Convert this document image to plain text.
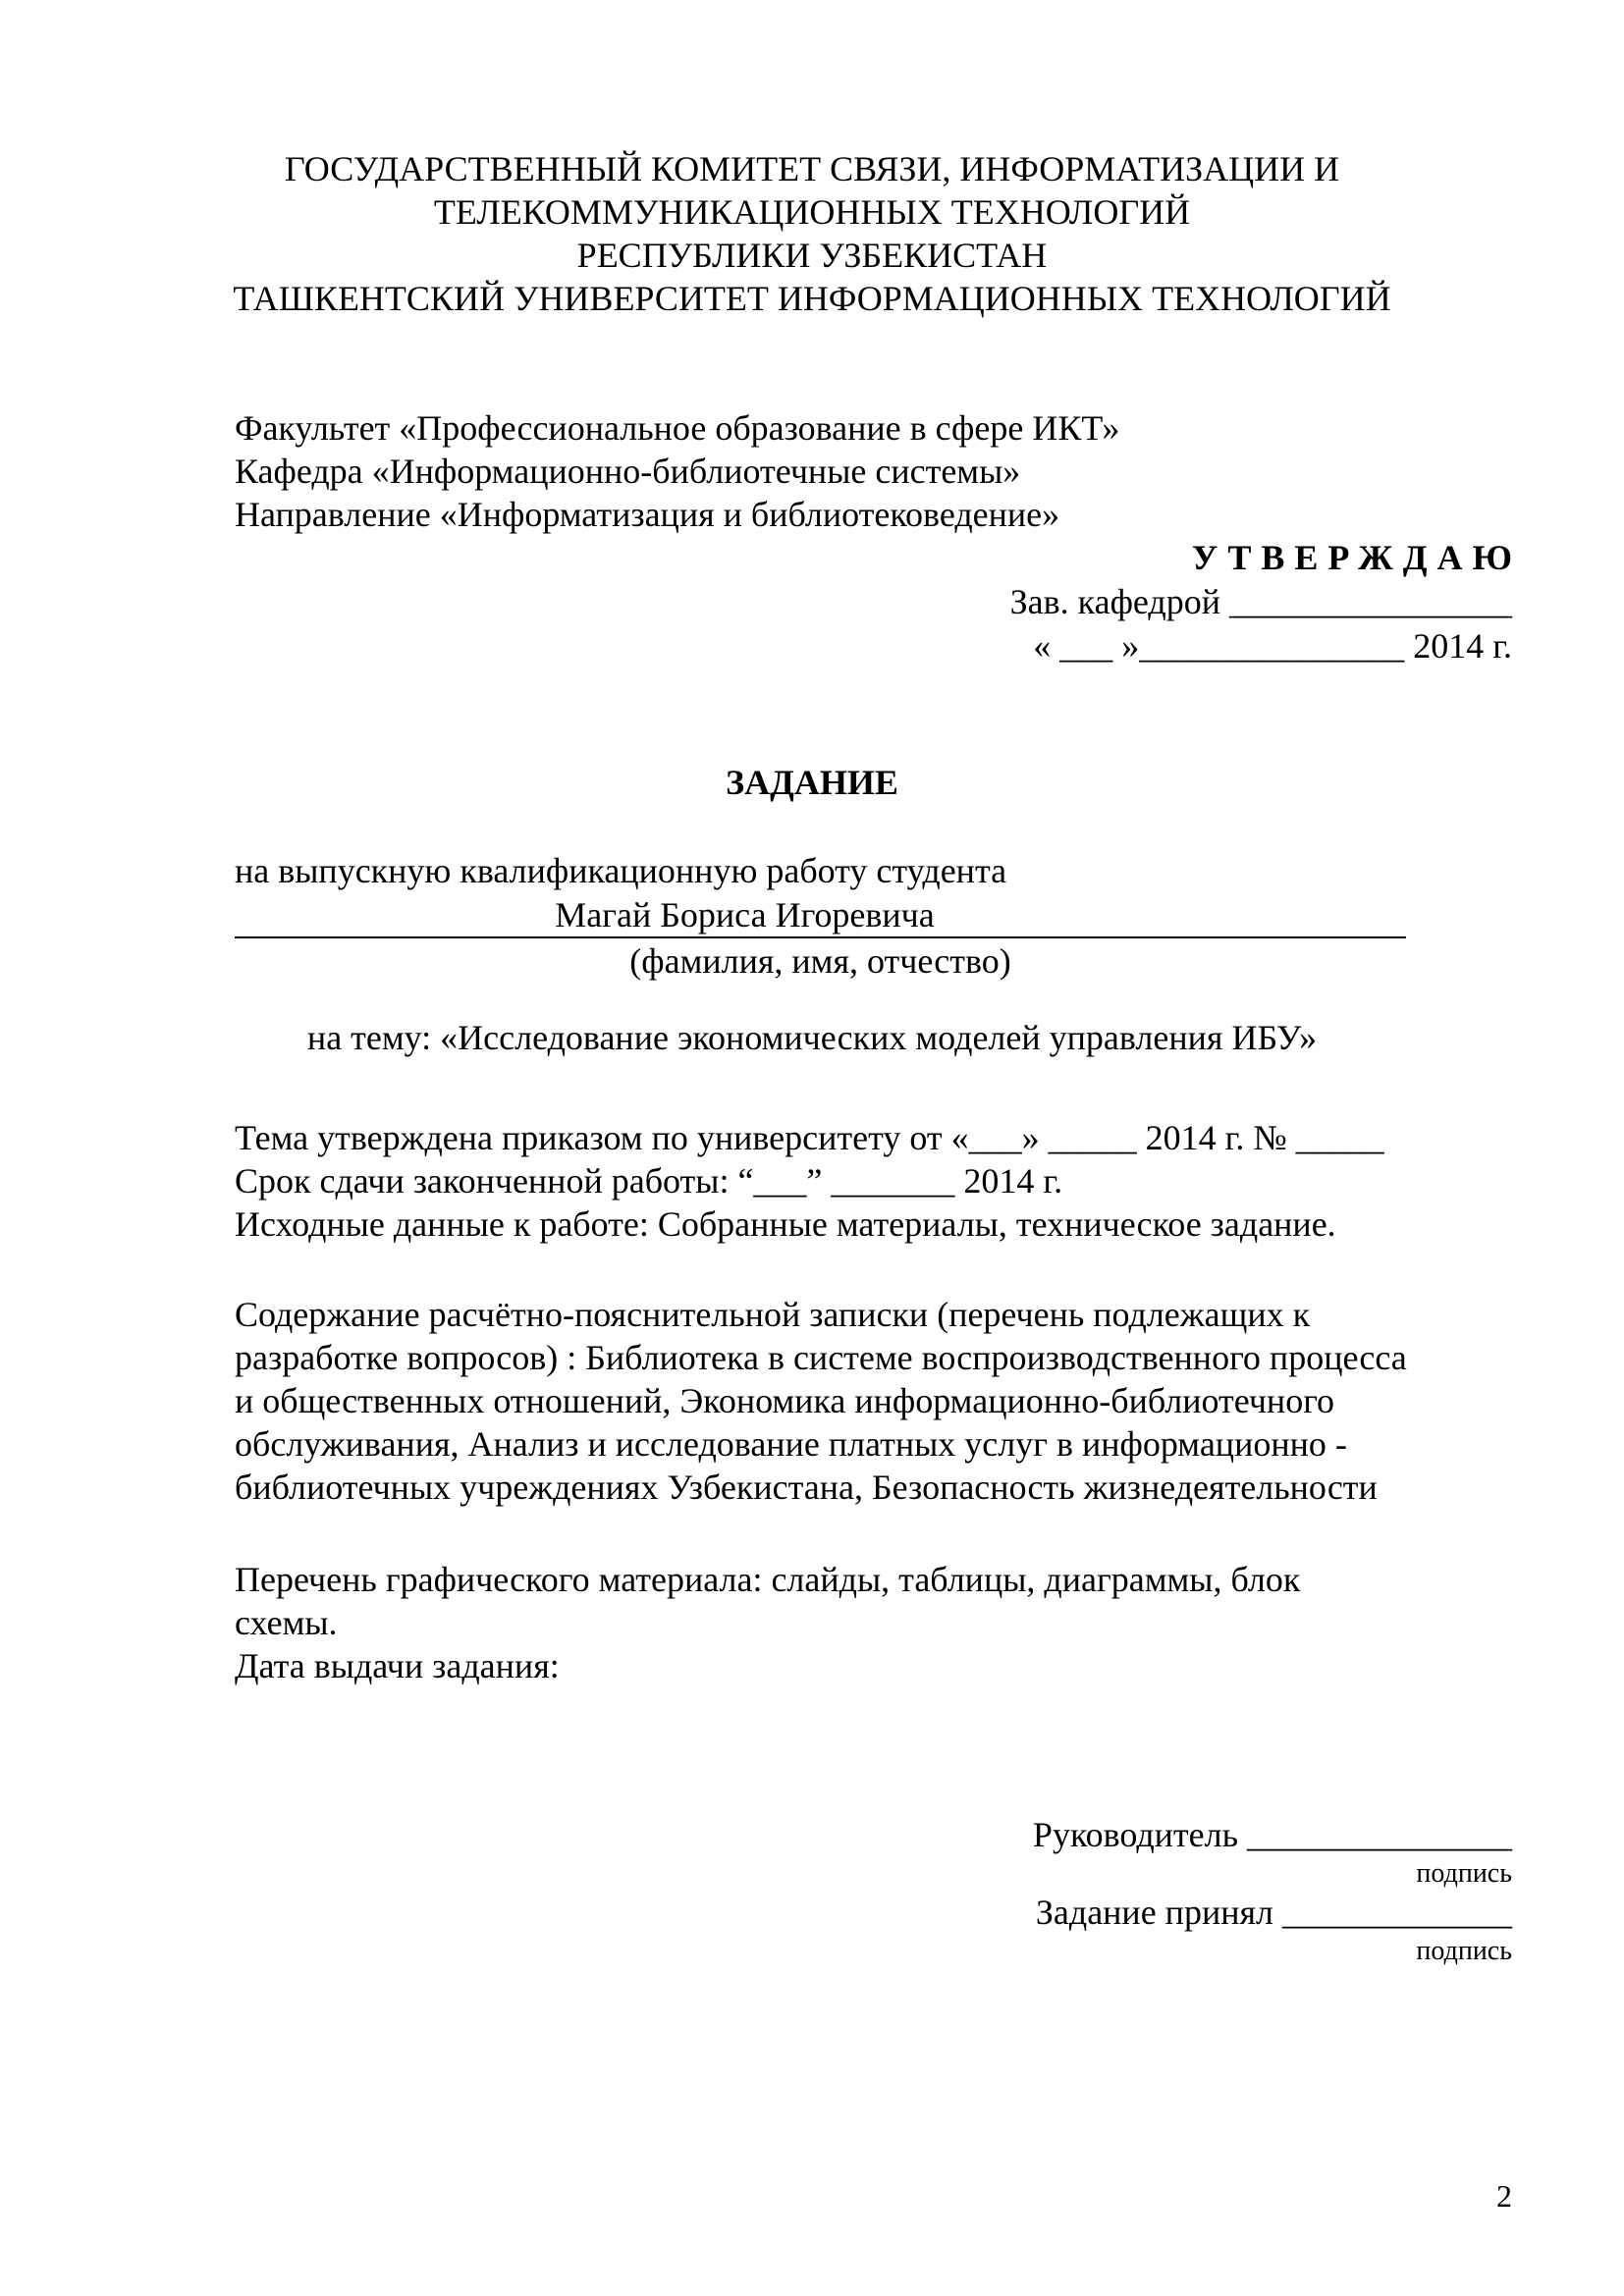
ГОСУДАРСТВЕННЫЙ КОМИТЕТ СВЯЗИ, ИНФОРМАТИЗАЦИИ И
ТЕЛЕКОММУНИКАЦИОННЫХ ТЕХНОЛОГИЙ
РЕСПУБЛИКИ УЗБЕКИСТАН
ТАШКЕНТСКИЙ УНИВЕРСИТЕТ ИНФОРМАЦИОННЫХ ТЕХНОЛОГИЙ
Факультет «Профессиональное образование в сфере ИКТ»
Кафедра «Информационно-библиотечные системы»
Направление «Информатизация и библиотековедение»
УТВЕРЖДАЮ
Зав. кафедрой ________________
« ___ »_______________ 2014 г.
ЗАДАНИЕ
на выпускную квалификационную работу студента
Магай Бориса Игоревича
(фамилия, имя, отчество)
на тему: «Исследование экономических моделей управления ИБУ»
Тема утверждена приказом по университету от «___» _____ 2014 г. № _____
Срок сдачи законченной работы: “___” _______ 2014 г.
Исходные данные к работе: Собранные материалы, техническое задание.
Содержание расчётно-пояснительной записки (перечень подлежащих к
разработке вопросов) : Библиотека в системе воспроизводственного процесса
и общественных отношений, Экономика информационно-библиотечного
обслуживания, Анализ и исследование платных услуг в информационно -
библиотечных учреждениях Узбекистана, Безопасность жизнедеятельности
Перечень графического материала: слайды, таблицы, диаграммы, блок
схемы.
Дата выдачи задания:
Руководитель _______________
подпись
Задание принял _____________
подпись
2
